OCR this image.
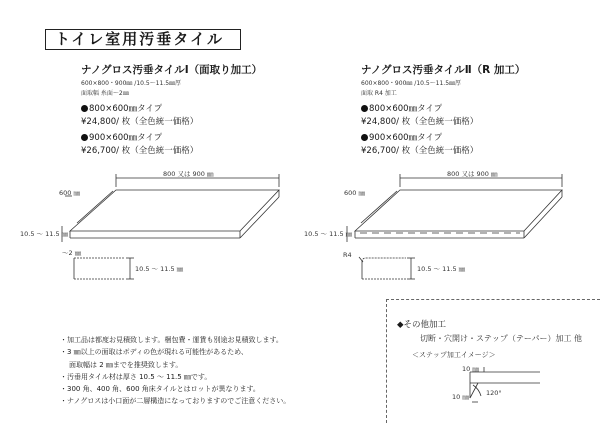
トイレ室用汚垂タイル
ナノグロス汚垂タイルⅠ（面取り加工）
600×800・900㎜ /10.5～11.5㎜厚
面取幅 糸面～2㎜
800×600㎜タイプ
¥24,800/ 枚（全色統一価格）
900×600㎜タイプ
¥26,700/ 枚（全色統一価格）
ナノグロス汚垂タイルⅡ（R 加工）
600×800・900㎜ /10.5～11.5㎜厚
面取 R4 加工
800×600㎜タイプ
¥24,800/ 枚（全色統一価格）
900×600㎜タイプ
¥26,700/ 枚（全色統一価格）
800 又は 900 ㎜
600 ㎜
10.5 ～ 11.5 ㎜
～2 ㎜
10.5 ～ 11.5 ㎜
800 又は 900 ㎜
600 ㎜
10.5 ～ 11.5 ㎜
R4
10.5 ～ 11.5 ㎜
10 ㎜
10 ㎜	120°
・ 加工品は都度お見積致します。梱包費・運賃も別途お見積致します。
・ 3 ㎜以上の面取はボディの色が現れる可能性があるため、
面取幅は 2 ㎜までを推奨致します。
・ 汚垂用タイル材は厚さ 10.5 ～ 11.5 ㎜です。
・ 300 角、400 角、600 角床タイルとはロットが異なります。
・ ナノグロスは小口面が二層構造になっておりますのでご注意ください。
◆その他加工
切断・穴開け・ステップ（テーパー）加工 他
＜ステップ加工イメージ＞
